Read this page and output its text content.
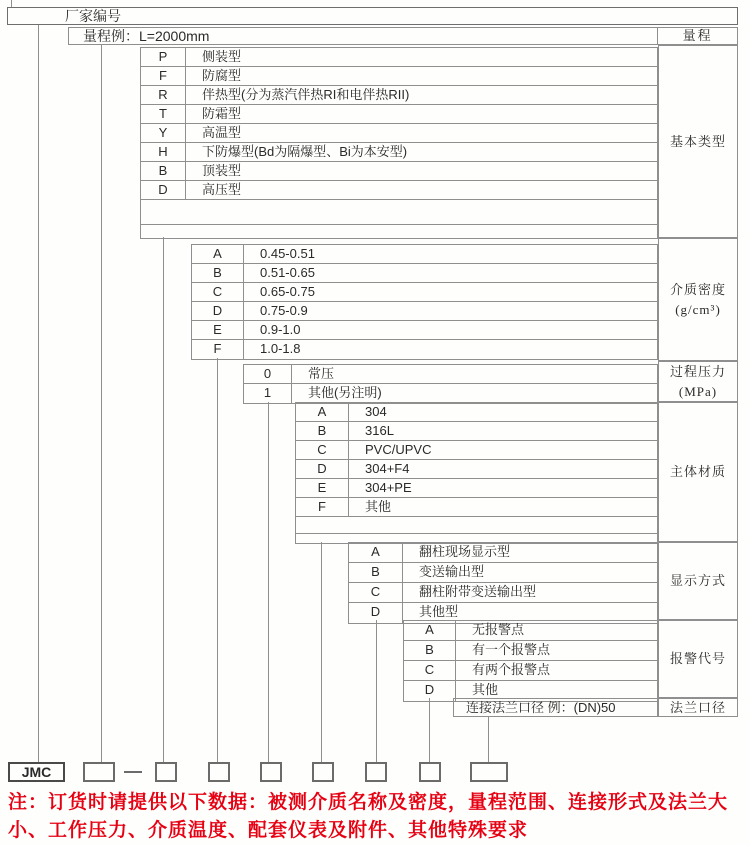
厂家编号
量程例：L=2000mm	量程
P	侧装型
F	防腐型
R	伴热型(分为蒸汽伴热RI和电伴热RII)
T	防霜型
Y	高温型
H	下防爆型(Bd为隔爆型、Bi为本安型)
B	顶装型
D	高压型
A	0.45-0.51
B	0.51-0.65
C	0.65-0.75
D	0.75-0.9
E	0.9-1.0
F	1.0-1.8
0	常压
1	其他(另注明)
A	304
B	316L
C	PVC/UPVC
D	304+F4
E	304+PE
F	其他
A	翻柱现场显示型
B	变送输出型
C	翻柱附带变送输出型
D	其他型
A	无报警点
B	有一个报警点
C	有两个报警点
D	其他
连接法兰口径 例：(DN)50
基本类型
介质密度
(g/cm³)
过程压力
(MPa)
主体材质
显示方式
报警代号
法兰口径
JMC
注：订货时请提供以下数据：被测介质名称及密度，量程范围、连接形式及法兰大小、工作压力、介质温度、配套仪表及附件、其他特殊要求
